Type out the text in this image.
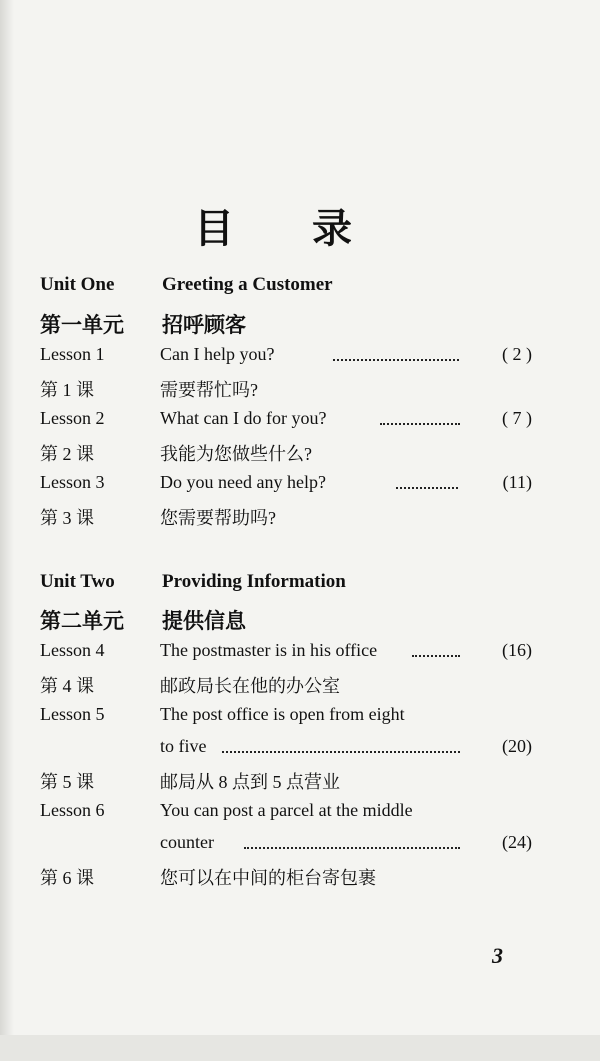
目 录
Unit One	Greeting a Customer
第一单元 招呼顾客
Lesson 1	Can I help you?	( 2 )
第 1 课	需要帮忙吗?
Lesson 2	What can I do for you?	( 7 )
第 2 课	我能为您做些什么?
Lesson 3	Do you need any help?	(11)
第 3 课	您需要帮助吗?
Unit Two Providing Information
第二单元 提供信息
Lesson 4	The postmaster is in his office	(16)
第 4 课	邮政局长在他的办公室
Lesson 5	The post office is open from eight
to five	(20)
第 5 课	邮局从 8 点到 5 点营业
Lesson 6	You can post a parcel at the middle
counter	(24)
第 6 课	您可以在中间的柜台寄包裹
3
